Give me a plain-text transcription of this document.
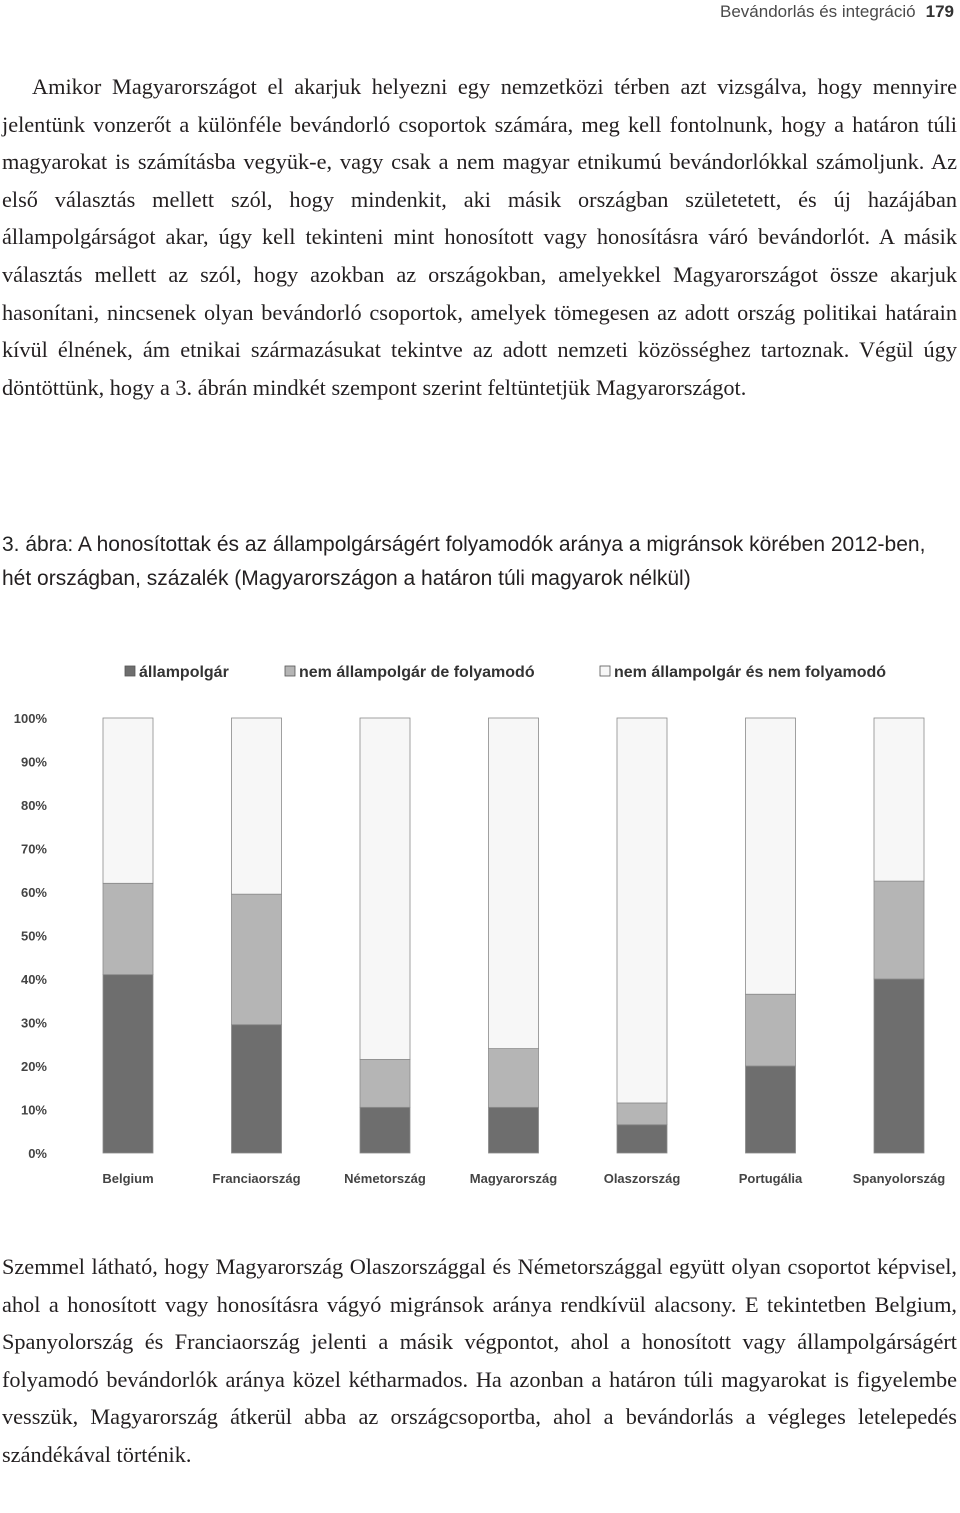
Bevándorlás és integráció 179

Amikor Magyarországot el akarjuk helyezni egy nemzetközi térben azt vizsgálva, hogy mennyire jelentünk vonzerőt a különféle bevándorló csoportok számára, meg kell fontolnunk, hogy a határon túli magyarokat is számításba vegyük-e, vagy csak a nem magyar etnikumú bevándorlókkal számoljunk. Az első választás mellett szól, hogy mindenkit, aki másik országban születetett, és új hazájában állampolgárságot akar, úgy kell tekinteni mint honosított vagy honosításra váró bevándorlót. A másik választás mellett az szól, hogy azokban az országokban, amelyekkel Magyarországot össze akarjuk hasonítani, nincsenek olyan bevándorló csoportok, amelyek tömegesen az adott ország politikai határain kívül élnének, ám etnikai származásukat tekintve az adott nemzeti közösséghez tartoznak. Végül úgy döntöttünk, hogy a 3. ábrán mindkét szempont szerint feltüntetjük Magyarországot.

3. ábra: A honosítottak és az állampolgárságért folyamodók aránya a migránsok körében 2012-ben, hét országban, százalék (Magyarországon a határon túli magyarok nélkül)

állampolgár	nem állampolgár de folyamodó	nem állampolgár és nem folyamodó
0%
10%
20%
30%
40%
50%
60%
70%
80%
90%
100%
Belgium	Franciaország	Németország	Magyarország	Olaszország	Portugália	Spanyolország

Szemmel látható, hogy Magyarország Olaszországgal és Németországgal együtt olyan csoportot képvisel, ahol a honosított vagy honosításra vágyó migránsok aránya rendkívül alacsony. E tekintetben Belgium, Spanyolország és Franciaország jelenti a másik végpontot, ahol a honosított vagy állampolgárságért folyamodó bevándorlók aránya közel kétharmados. Ha azonban a határon túli magyarokat is figyelembe vesszük, Magyarország átkerül abba az országcsoportba, ahol a bevándorlás a végleges letelepedés szándékával történik.
